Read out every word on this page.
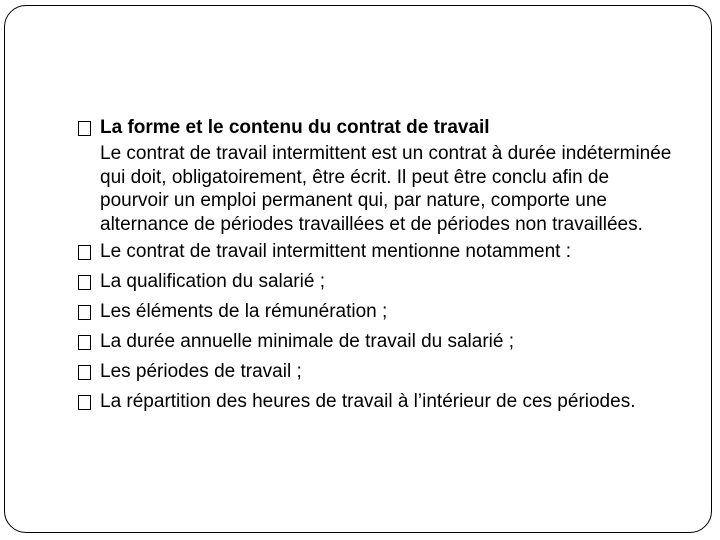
La forme et le contenu du contrat de travail
Le contrat de travail intermittent est un contrat à durée indéterminée qui doit, obligatoirement, être écrit. Il peut être conclu afin de pourvoir un emploi permanent qui, par nature, comporte une alternance de périodes travaillées et de périodes non travaillées.
Le contrat de travail intermittent mentionne notamment :
La qualification du salarié ;
Les éléments de la rémunération ;
La durée annuelle minimale de travail du salarié ;
Les périodes de travail ;
La répartition des heures de travail à l’intérieur de ces périodes.
